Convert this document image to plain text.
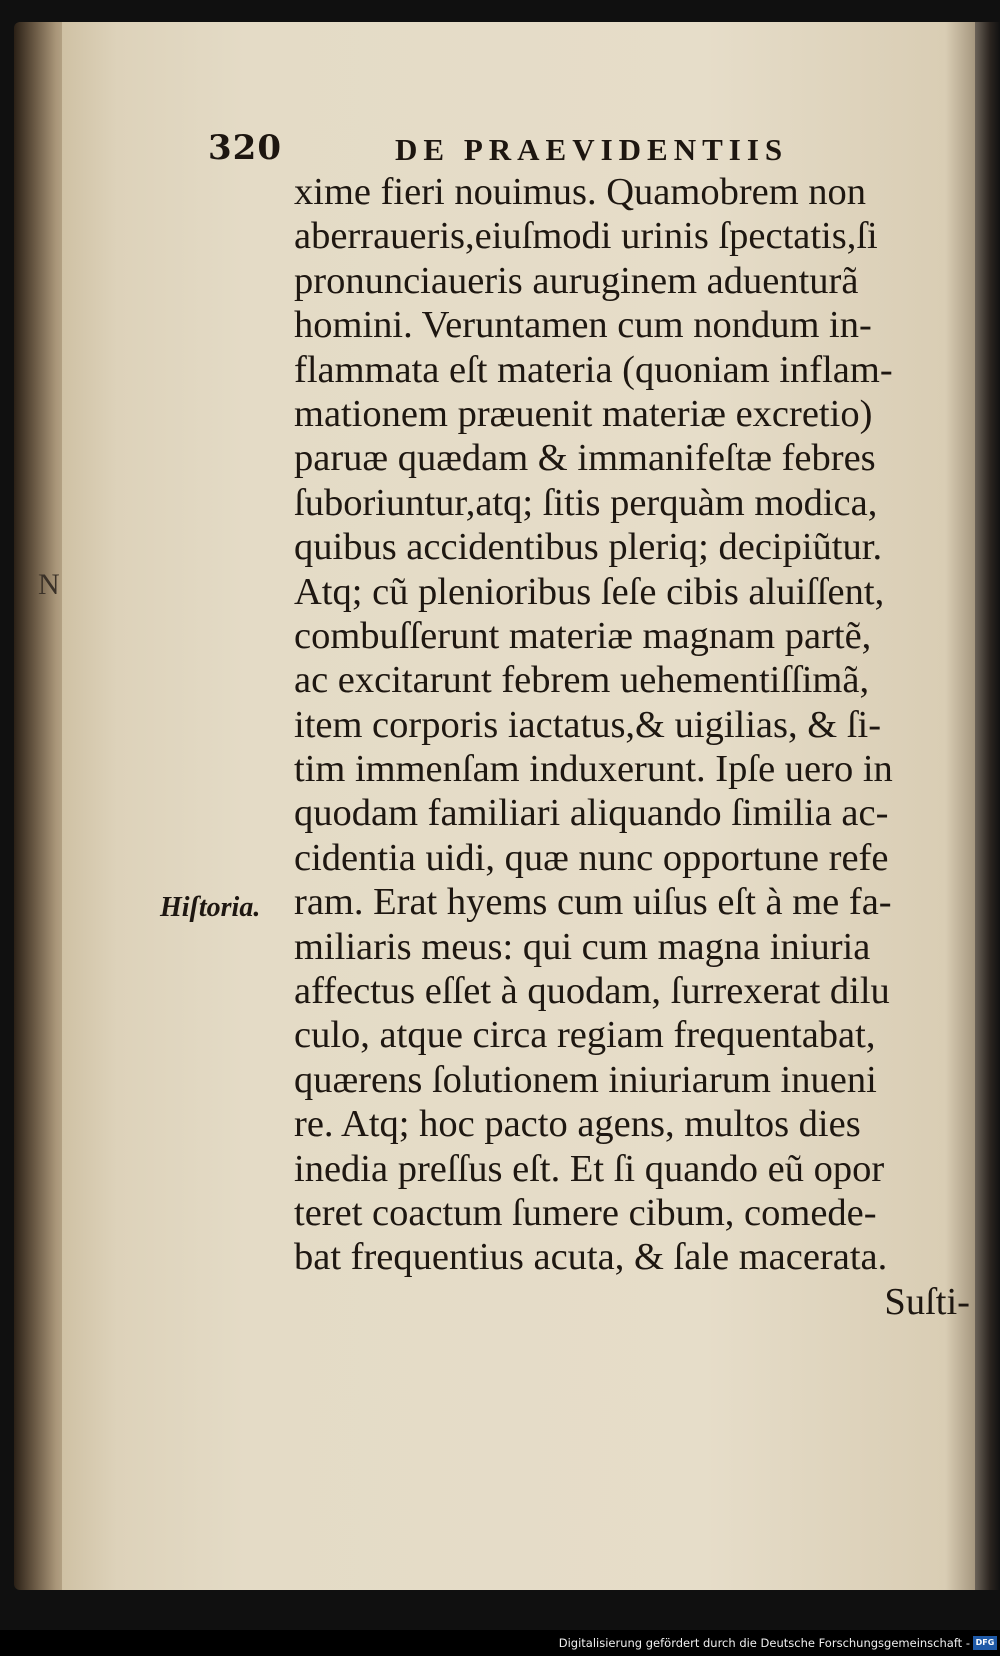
320	DE PRAEVIDENTIIS
N
Hiſtoria.
xime fieri nouimus. Quamobrem non
aberraueris,eiuſmodi urinis ſpectatis,ſi
pronunciaueris auruginem aduenturã
homini. Veruntamen cum nondum in-
flammata eſt materia (quoniam inflam-
mationem præuenit materiæ excretio)
paruæ quædam & immanifeſtæ febres
ſuboriuntur,atq; ſitis perquàm modica,
quibus accidentibus pleriq; decipiũtur.
Atq; cũ plenioribus ſeſe cibis aluiſſent,
combuſſerunt materiæ magnam partẽ,
ac excitarunt febrem uehementiſſimã,
item corporis iactatus,& uigilias, & ſi-
tim immenſam induxerunt. Ipſe uero in
quodam familiari aliquando ſimilia ac-
cidentia uidi, quæ nunc opportune refe
ram. Erat hyems cum uiſus eſt à me fa-
miliaris meus: qui cum magna iniuria
affectus eſſet à quodam, ſurrexerat dilu
culo, atque circa regiam frequentabat,
quærens ſolutionem iniuriarum inueni
re. Atq; hoc pacto agens, multos dies
inedia preſſus eſt. Et ſi quando eũ opor
teret coactum ſumere cibum, comede-
bat frequentius acuta, & ſale macerata.
Suſti-
Digitalisierung gefördert durch die Deutsche Forschungsgemeinschaft - DFG
